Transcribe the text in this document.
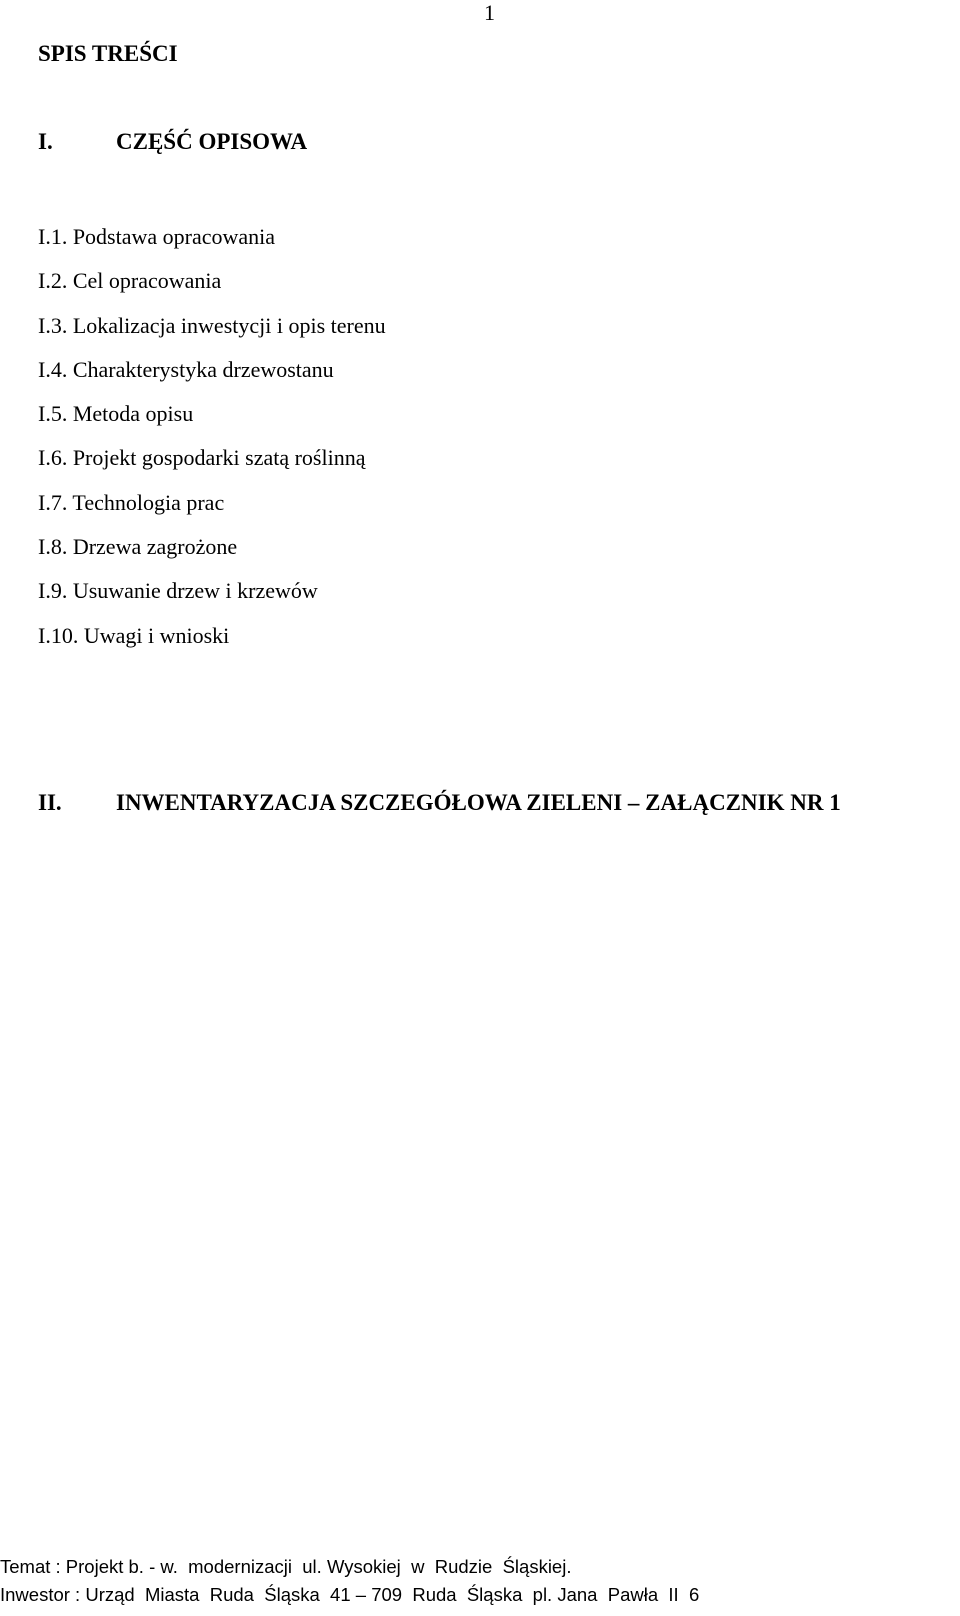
1
SPIS TREŚCI
I.	CZĘŚĆ OPISOWA
I.1. Podstawa opracowania
I.2. Cel opracowania
I.3. Lokalizacja inwestycji i opis terenu
I.4. Charakterystyka drzewostanu
I.5. Metoda opisu
I.6. Projekt gospodarki szatą roślinną
I.7. Technologia prac
I.8. Drzewa zagrożone
I.9. Usuwanie drzew i krzewów
I.10. Uwagi i wnioski
II. INWENTARYZACJA SZCZEGÓŁOWA ZIELENI – ZAŁĄCZNIK NR 1
Temat : Projekt b. - w.  modernizacji  ul. Wysokiej  w  Rudzie  Śląskiej.
Inwestor : Urząd  Miasta  Ruda  Śląska  41 – 709  Ruda  Śląska  pl. Jana  Pawła  II  6
